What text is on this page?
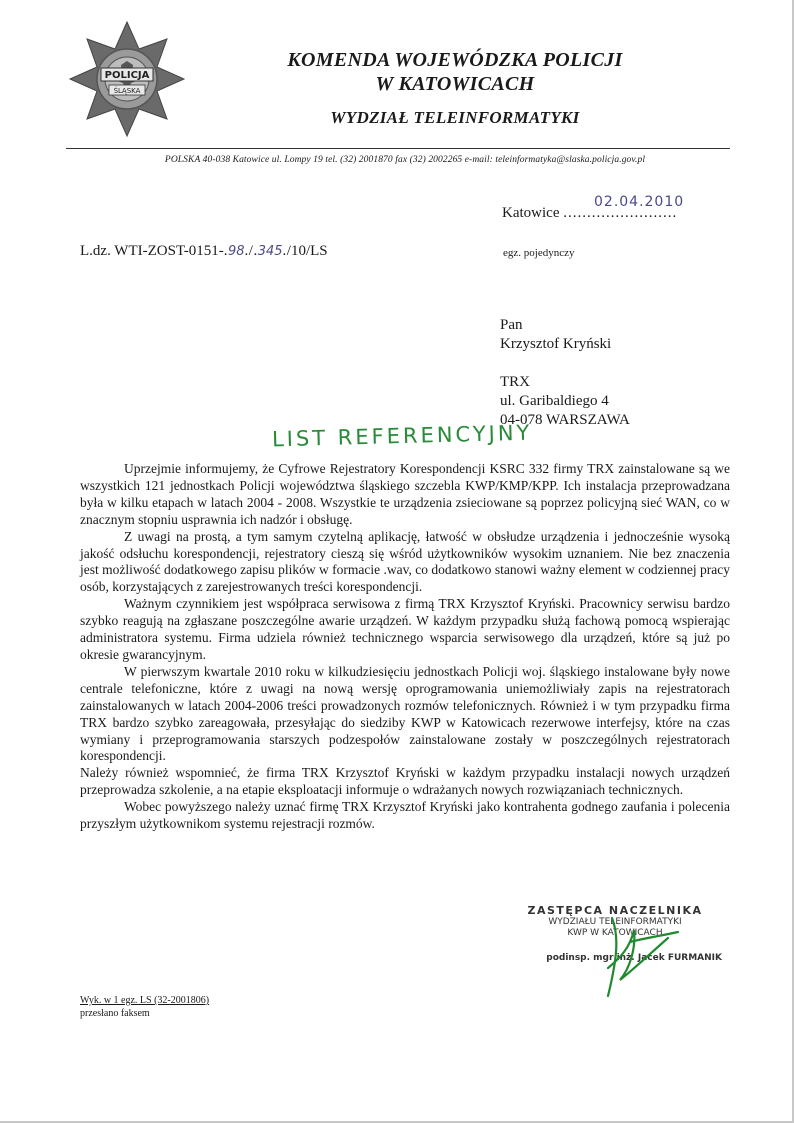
POLICJA
ŚLĄSKA
KOMENDA WOJEWÓDZKA POLICJI
W KATOWICACH
WYDZIAŁ TELEINFORMATYKI
POLSKA 40-038 Katowice ul. Lompy 19 tel. (32) 2001870 fax (32) 2002265 e-mail: teleinformatyka@slaska.policja.gov.pl
Katowice ........................
02.04.2010
L.dz. WTI-ZOST-0151-.98./.345./10/LS	egz. pojedynczy
Pan
Krzysztof Kryński
TRX
ul. Garibaldiego 4
04-078 WARSZAWA
LIST REFERENCYJNY

Uprzejmie informujemy, że Cyfrowe Rejestratory Korespondencji KSRC 332 firmy TRX zainstalowane są we wszystkich 121 jednostkach Policji województwa śląskiego szczebla KWP/KMP/KPP. Ich instalacja przeprowadzana była w kilku etapach w latach 2004 - 2008. Wszystkie te urządzenia zsieciowane są poprzez policyjną sieć WAN, co w znacznym stopniu usprawnia ich nadzór i obsługę.

Z uwagi na prostą, a tym samym czytelną aplikację, łatwość w obsłudze urządzenia i jednocześnie wysoką jakość odsłuchu korespondencji, rejestratory cieszą się wśród użytkowników wysokim uznaniem. Nie bez znaczenia jest możliwość dodatkowego zapisu plików w formacie .wav, co dodatkowo stanowi ważny element w codziennej pracy osób, korzystających z zarejestrowanych treści korespondencji.

Ważnym czynnikiem jest współpraca serwisowa z firmą TRX Krzysztof Kryński. Pracownicy serwisu bardzo szybko reagują na zgłaszane poszczególne awarie urządzeń. W każdym przypadku służą fachową pomocą wspierając administratora systemu. Firma udziela również technicznego wsparcia serwisowego dla urządzeń, które są już po okresie gwarancyjnym.

W pierwszym kwartale 2010 roku w kilkudziesięciu jednostkach Policji woj. śląskiego instalowane były nowe centrale telefoniczne, które z uwagi na nową wersję oprogramowania uniemożliwiały zapis na rejestratorach zainstalowanych w latach 2004-2006 treści prowadzonych rozmów telefonicznych. Również i w tym przypadku firma TRX bardzo szybko zareagowała, przesyłając do siedziby KWP w Katowicach rezerwowe interfejsy, które na czas wymiany i przeprogramowania starszych podzespołów zainstalowane zostały w poszczególnych rejestratorach korespondencji.

Należy również wspomnieć, że firma TRX Krzysztof Kryński w każdym przypadku instalacji nowych urządzeń przeprowadza szkolenie, a na etapie eksploatacji informuje o wdrażanych nowych rozwiązaniach technicznych.

Wobec powyższego należy uznać firmę TRX Krzysztof Kryński jako kontrahenta godnego zaufania i polecenia przyszłym użytkownikom systemu rejestracji rozmów.

ZASTĘPCA NACZELNIKA
WYDZIAŁU TELEINFORMATYKI
KWP W KATOWICACH
podinsp. mgr inż. Jacek FURMANIK
Wyk. w 1 egz. LS (32-2001806)
przesłano faksem
